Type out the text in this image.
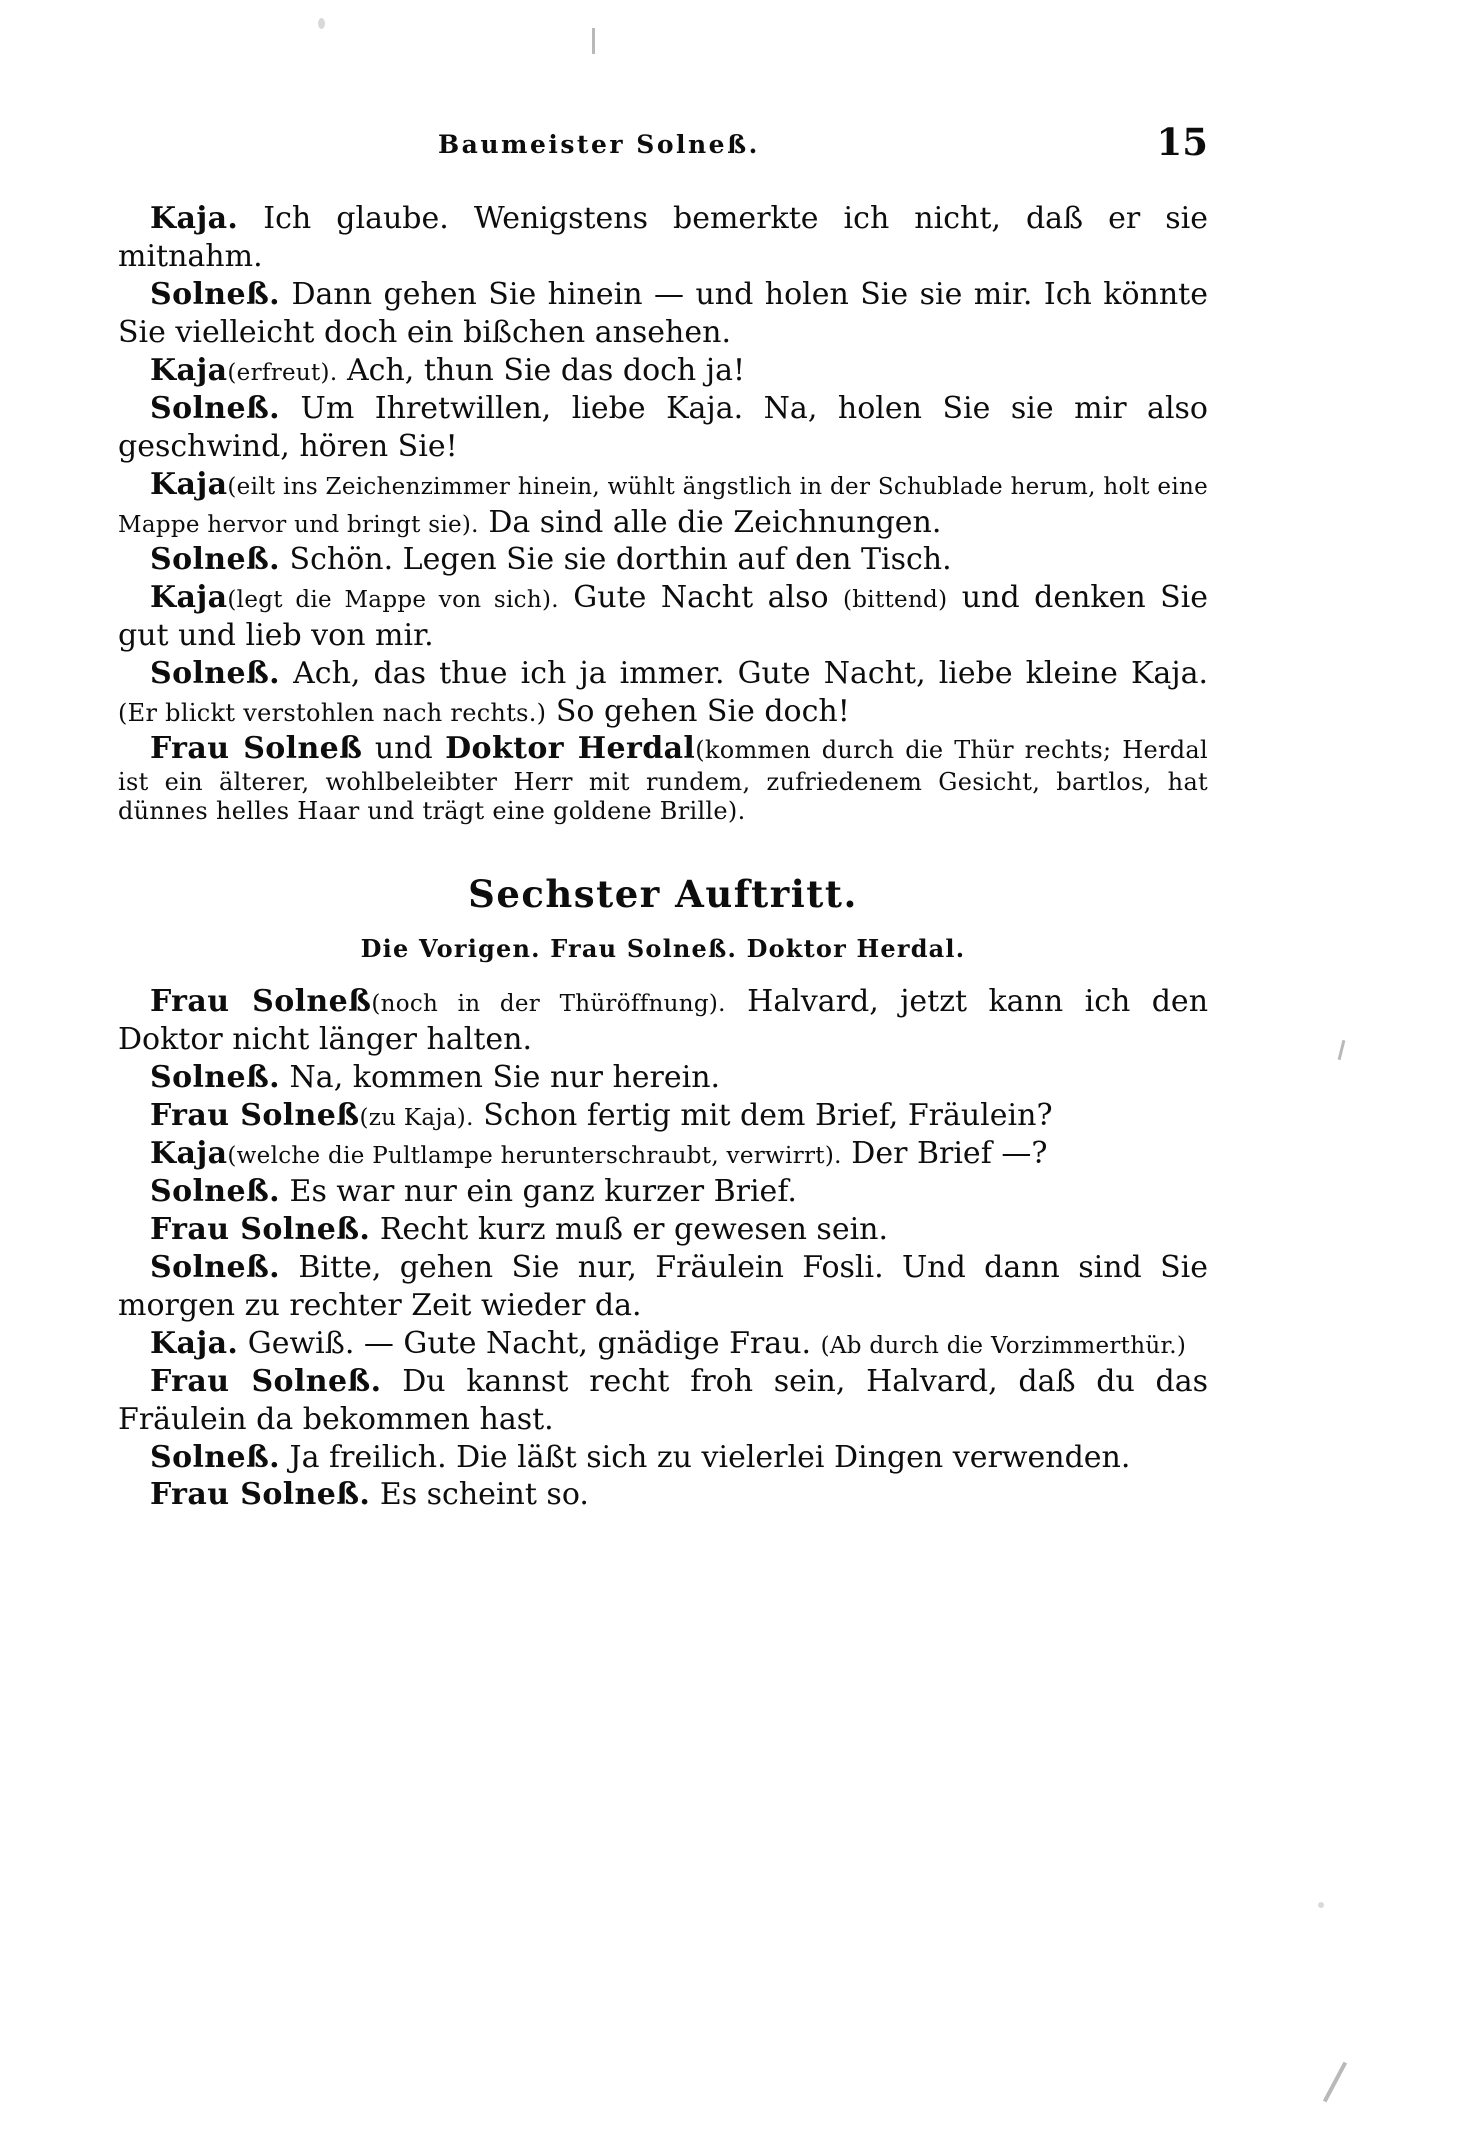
Baumeister Solneß.	15

Kaja. Ich glaube. Wenigstens bemerkte ich nicht, daß er sie mitnahm.

Solneß. Dann gehen Sie hinein — und holen Sie sie mir. Ich könnte Sie vielleicht doch ein bißchen ansehen.

Kaja(erfreut). Ach, thun Sie das doch ja!

Solneß. Um Ihretwillen, liebe Kaja. Na, holen Sie sie mir also geschwind, hören Sie!

Kaja(eilt ins Zeichenzimmer hinein, wühlt ängstlich in der Schublade herum, holt eine Mappe hervor und bringt sie). Da sind alle die Zeichnungen.

Solneß. Schön. Legen Sie sie dorthin auf den Tisch.

Kaja(legt die Mappe von sich). Gute Nacht also (bittend) und denken Sie gut und lieb von mir.

Solneß. Ach, das thue ich ja immer. Gute Nacht, liebe kleine Kaja. (Er blickt verstohlen nach rechts.) So gehen Sie doch!

Frau Solneß und Doktor Herdal(kommen durch die Thür rechts; Herdal ist ein älterer, wohlbeleibter Herr mit rundem, zufriedenem Gesicht, bartlos, hat dünnes helles Haar und trägt eine goldene Brille).

Sechster Auftritt.
Die Vorigen. Frau Solneß. Doktor Herdal.

Frau Solneß(noch in der Thüröffnung). Halvard, jetzt kann ich den Doktor nicht länger halten.

Solneß. Na, kommen Sie nur herein.

Frau Solneß(zu Kaja). Schon fertig mit dem Brief, Fräulein?

Kaja(welche die Pultlampe herunterschraubt, verwirrt). Der Brief —?

Solneß. Es war nur ein ganz kurzer Brief.

Frau Solneß. Recht kurz muß er gewesen sein.

Solneß. Bitte, gehen Sie nur, Fräulein Fosli. Und dann sind Sie morgen zu rechter Zeit wieder da.

Kaja. Gewiß. — Gute Nacht, gnädige Frau. (Ab durch die Vorzimmerthür.)

Frau Solneß. Du kannst recht froh sein, Halvard, daß du das Fräulein da bekommen hast.

Solneß. Ja freilich. Die läßt sich zu vielerlei Dingen verwenden.

Frau Solneß. Es scheint so.
